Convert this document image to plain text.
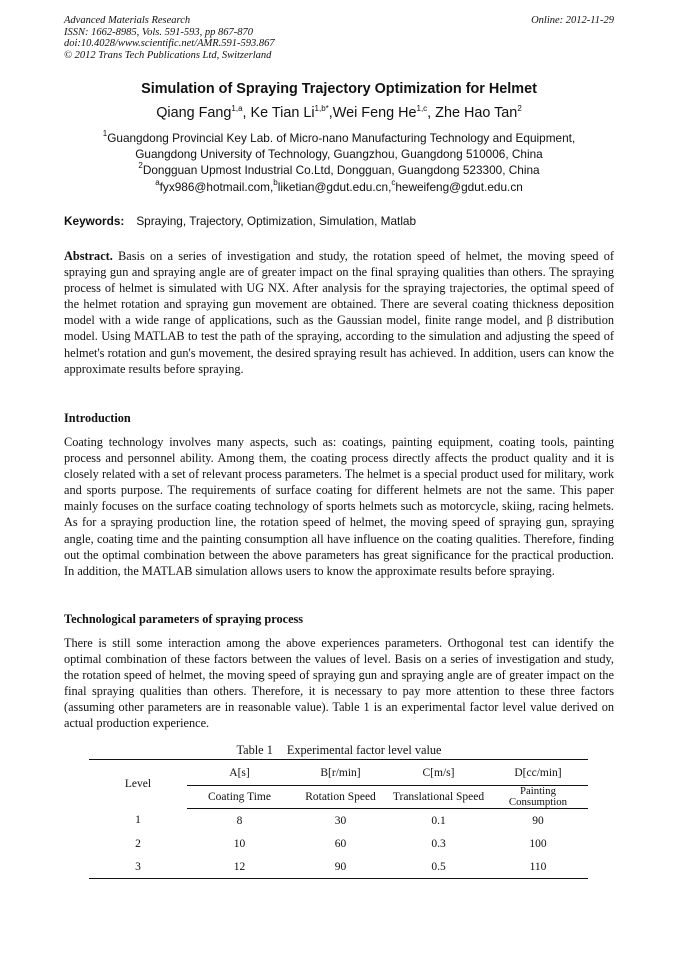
Advanced Materials Research
ISSN: 1662-8985, Vols. 591-593, pp 867-870
doi:10.4028/www.scientific.net/AMR.591-593.867
© 2012 Trans Tech Publications Ltd, Switzerland
Online: 2012-11-29
Simulation of Spraying Trajectory Optimization for Helmet
Qiang Fang$^{1,a}$, Ke Tian $Li^{1,b*},Wei$ Feng He$^{1,c}$, Zhe Hao Tan$^2$
$^1$Guangdong Provincial Key Lab. of Micro-nano Manufacturing Technology and Equipment,
Guangdong University of Technology, Guangzhou, Guangdong 510006, China
$^2$Dongguan Upmost Industrial Co.Ltd, Dongguan, Guangdong 523300, China
$^a$fyx986@hotmail.com,$^b$liketian@gdut.edu.cn,$^c$heweifeng@gdut.edu.cn
Keywords: Spraying, Trajectory, Optimization, Simulation, Matlab
Abstract. Basis on a series of investigation and study, the rotation speed of helmet, the moving speed of spraying gun and spraying angle are of greater impact on the final spraying qualities than others. The spraying process of helmet is simulated with UG NX. After analysis for the spraying trajectories, the optimal speed of the helmet rotation and spraying gun movement are obtained. There are several coating thickness deposition model with a wide range of applications, such as the Gaussian model, finite range model, and β distribution model. Using MATLAB to test the path of the spraying, according to the simulation and adjusting the speed of helmet's rotation and gun's movement, the desired spraying result has achieved. In addition, users can know the approximate results before spraying.
Introduction
Coating technology involves many aspects, such as: coatings, painting equipment, coating tools, painting process and personnel ability. Among them, the coating process directly affects the product quality and it is closely related with a set of relevant process parameters. The helmet is a special product used for military, work and sports purpose. The requirements of surface coating for different helmets are not the same. This paper mainly focuses on the surface coating technology of sports helmets such as motorcycle, skiing, racing helmets. As for a spraying production line, the rotation speed of helmet, the moving speed of spraying gun, spraying angle, coating time and the painting consumption all have influence on the coating qualities. Therefore, finding out the optimal combination between the above parameters has great significance for the practical production. In addition, the MATLAB simulation allows users to know the approximate results before spraying.
Technological parameters of spraying process
There is still some interaction among the above experiences parameters. Orthogonal test can identify the optimal combination of these factors between the values of level. Basis on a series of investigation and study, the rotation speed of helmet, the moving speed of spraying gun and spraying angle are of greater impact on the final spraying qualities than others. Therefore, it is necessary to pay more attention to these three factors (assuming other parameters are in reasonable value). Table 1 is an experimental factor level value derived on actual production experience.
Table 1 Experimental factor level value
Level	A[s]	B[r/min]	C[m/s]	D[cc/min]
	Coating Time	Rotation Speed	Translational Speed	Painting
Consumption
1	8	30	0.1	90
2	10	60	0.3	100
3	12	90	0.5	110
